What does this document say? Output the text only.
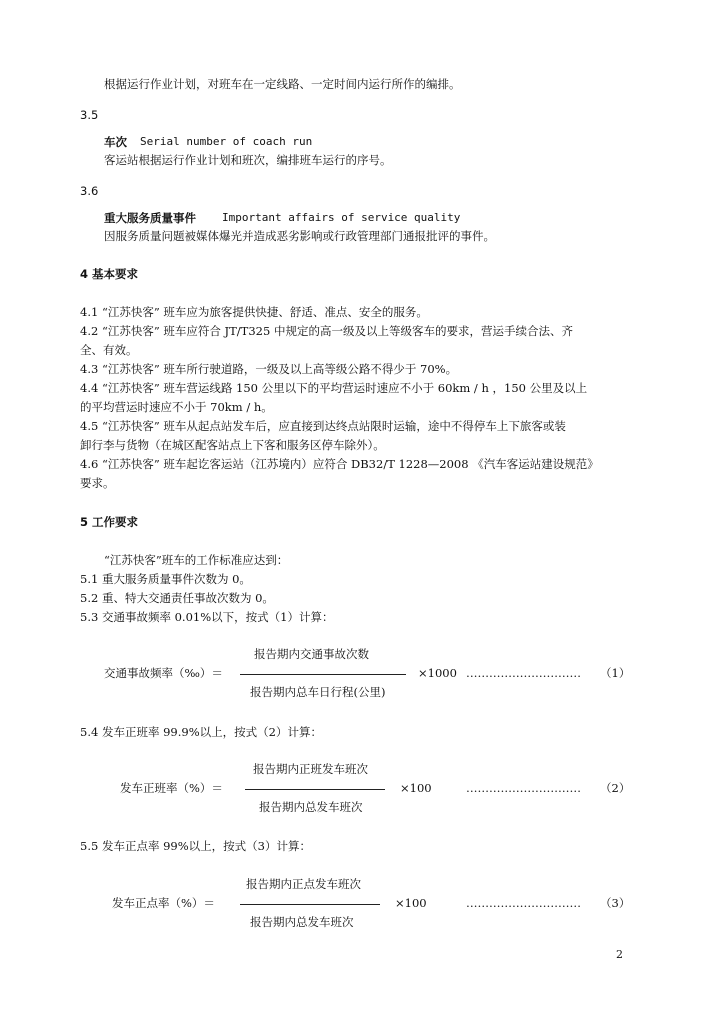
根据运行作业计划，对班车在一定线路、一定时间内运行所作的编排。
3.5
车次 Serial number of coach run
客运站根据运行作业计划和班次，编排班车运行的序号。
3.6
重大服务质量事件 Important affairs of service quality
因服务质量问题被媒体爆光并造成恶劣影响或行政管理部门通报批评的事件。
4 基本要求
4.1 “江苏快客” 班车应为旅客提供快捷、舒适、准点、安全的服务。
4.2 “江苏快客” 班车应符合 JT/T325 中规定的高一级及以上等级客车的要求，营运手续合法、齐
全、有效。
4.3 “江苏快客” 班车所行驶道路，一级及以上高等级公路不得少于 70%。
4.4 “江苏快客” 班车营运线路 150 公里以下的平均营运时速应不小于 60km / h ，150 公里及以上
的平均营运时速应不小于 70km / h。
4.5 “江苏快客” 班车从起点站发车后，应直接到达终点站限时运输，途中不得停车上下旅客或装
卸行李与货物（在城区配客站点上下客和服务区停车除外）。
4.6 “江苏快客” 班车起讫客运站（江苏境内）应符合 DB32/T 1228—2008 《汽车客运站建设规范》
要求。
5 工作要求
“江苏快客”班车的工作标准应达到：
5.1 重大服务质量事件次数为 0。
5.2 重、特大交通责任事故次数为 0。
5.3 交通事故频率 0.01%以下，按式（1）计算：
报告期内交通事故次数
交通事故频率（‰）＝	×1000 ………………………… （1）
报告期内总车日行程(公里)
5.4 发车正班率 99.9%以上，按式（2）计算：
报告期内正班发车班次
发车正班率（%）＝	×100	………………………… （2）
报告期内总发车班次
5.5 发车正点率 99%以上，按式（3）计算：
报告期内正点发车班次
发车正点率（%）＝	×100	………………………… （3）
报告期内总发车班次
2
